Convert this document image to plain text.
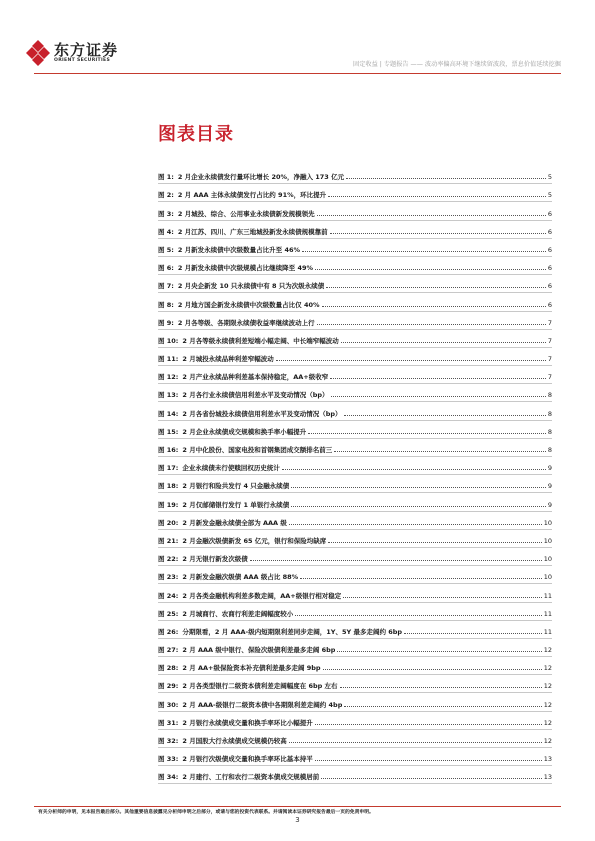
东方证券
ORIENT SECURITIES
固定收益 | 专题报告 —— 波动率偏高环境下继续留波段，票息价值延续挖掘
图表目录
图 1: 2 月企业永续债发行量环比增长 20%，净融入 173 亿元	5
图 2: 2 月 AAA 主体永续债发行占比约 91%，环比提升	5
图 3: 2 月城投、综合、公用事业永续债新发规模领先	6
图 4: 2 月江苏、四川、广东三地城投新发永续债规模靠前	6
图 5: 2 月新发永续债中次级数量占比升至 46%	6
图 6: 2 月新发永续债中次级规模占比继续降至 49%	6
图 7: 2 月央企新发 10 只永续债中有 8 只为次级永续债	6
图 8: 2 月地方国企新发永续债中次级数量占比仅 40%	6
图 9: 2 月各等级、各期限永续债收益率继续波动上行	7
图 10: 2 月各等级永续债利差短端小幅走阔、中长端窄幅波动	7
图 11: 2 月城投永续品种利差窄幅波动	7
图 12: 2 月产业永续品种利差基本保持稳定，AA+级收窄	7
图 13: 2 月各行业永续债信用利差水平及变动情况（bp）	8
图 14: 2 月各省份城投永续债信用利差水平及变动情况（bp）	8
图 15: 2 月企业永续债成交规模和换手率小幅提升	8
图 16: 2 月中化股份、国家电投和首钢集团成交额排名前三	8
图 17: 企业永续债未行使赎回权历史统计	9
图 18: 2 月银行和险共发行 4 只金融永续债	9
图 19: 2 月仅邮储银行发行 1 单银行永续债	9
图 20: 2 月新发金融永续债全部为 AAA 级	10
图 21: 2 月金融次级债新发 65 亿元，银行和保险均缺席	10
图 22: 2 月无银行新发次级债	10
图 23: 2 月新发金融次级债 AAA 级占比 88%	10
图 24: 2 月各类金融机构利差多数走阔，AA+级银行相对稳定	11
图 25: 2 月城商行、农商行利差走阔幅度较小	11
图 26: 分期限看，2 月 AAA-级内短期限利差同步走阔，1Y、5Y 最多走阔约 6bp	11
图 27: 2 月 AAA 级中银行、保险次级债利差最多走阔 6bp	12
图 28: 2 月 AA+级保险资本补充债利差最多走阔 9bp	12
图 29: 2 月各类型银行二级资本债利差走阔幅度在 6bp 左右	12
图 30: 2 月 AAA-级银行二级资本债中各期限利差走阔约 4bp	12
图 31: 2 月银行永续债成交量和换手率环比小幅提升	12
图 32: 2 月国股大行永续债成交规模仍较高	12
图 33: 2 月银行次级债成交量和换手率环比基本持平	13
图 34: 2 月建行、工行和农行二级资本债成交规模居前	13
有关分析师的申明，见本报告最后部分。其他重要信息披露见分析师申明之后部分，或请与您的投资代表联系。并请阅读本证券研究报告最后一页的免责申明。
3
